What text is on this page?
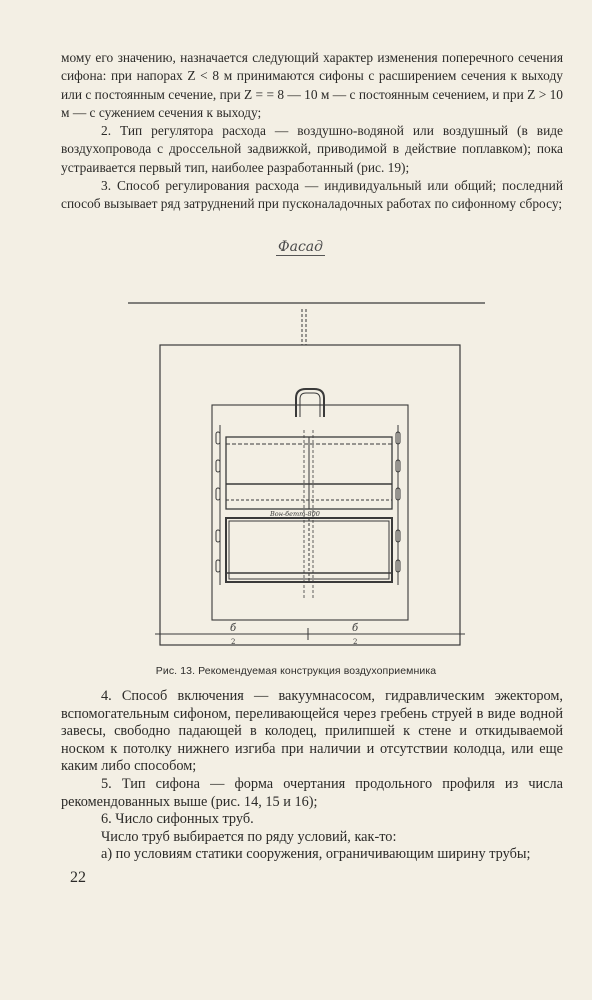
мому его значению, назначается следующий характер изменения поперечного сечения сифона: при напорах Z < 8 м принимаются сифоны с расширением сечения к выходу или с постоянным сечение, при Z = = 8 — 10 м — с постоянным сечением, и при Z > 10 м — с сужением сечения к выходу;

2. Тип регулятора расхода — воздушно-водяной или воздушный (в виде воздухопровода с дроссельной задвижкой, приводимой в действие поплавком); пока устраивается первый тип, наиболее разработанный (рис. 19);

3. Способ регулирования расхода — индивидуальный или общий; последний способ вызывает ряд затруднений при пусконаладочных работах по сифонному сбросу;

Фасад
Вон-бетт-800
б	б
2	2
Рис. 13. Рекомендуемая конструкция воздухоприемника

4. Способ включения — вакуумнасосом, гидравлическим эжектором, вспомогательным сифоном, переливающейся через гребень струей в виде водной завесы, свободно падающей в колодец, прилипшей к стене и откидываемой носком к потолку нижнего изгиба при наличии и отсутствии колодца, или еще каким либо способом;

5. Тип сифона — форма очертания продольного профиля из числа рекомендованных выше (рис. 14, 15 и 16);

6. Число сифонных труб.

Число труб выбирается по ряду условий, как-то:

а) по условиям статики сооружения, ограничивающим ширину трубы;

22
